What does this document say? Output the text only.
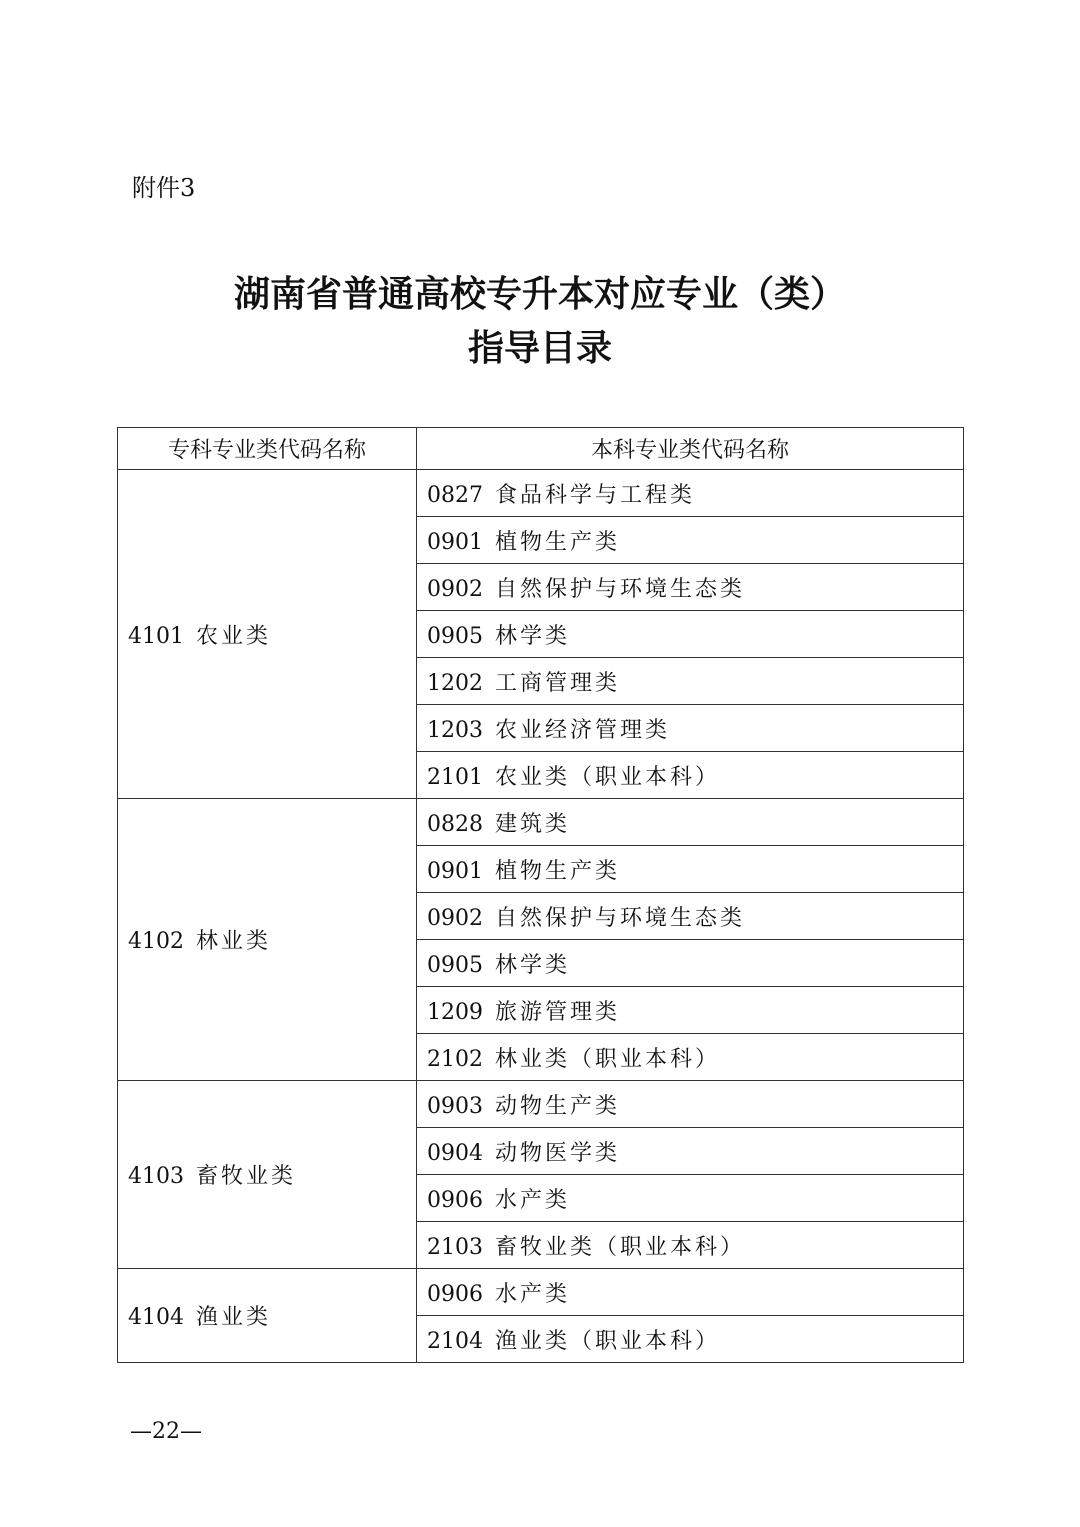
附件3
湖南省普通高校专升本对应专业（类）
指导目录
专科专业类代码名称	本科专业类代码名称
4101 农业类	0827 食品科学与工程类
	0901 植物生产类
	0902 自然保护与环境生态类
	0905 林学类
	1202 工商管理类
	1203 农业经济管理类
	2101 农业类（职业本科）
4102 林业类	0828 建筑类
	0901 植物生产类
	0902 自然保护与环境生态类
	0905 林学类
	1209 旅游管理类
	2102 林业类（职业本科）
4103 畜牧业类	0903 动物生产类
	0904 动物医学类
	0906 水产类
	2103 畜牧业类（职业本科）
4104 渔业类	0906 水产类
	2104 渔业类（职业本科）
—22—
